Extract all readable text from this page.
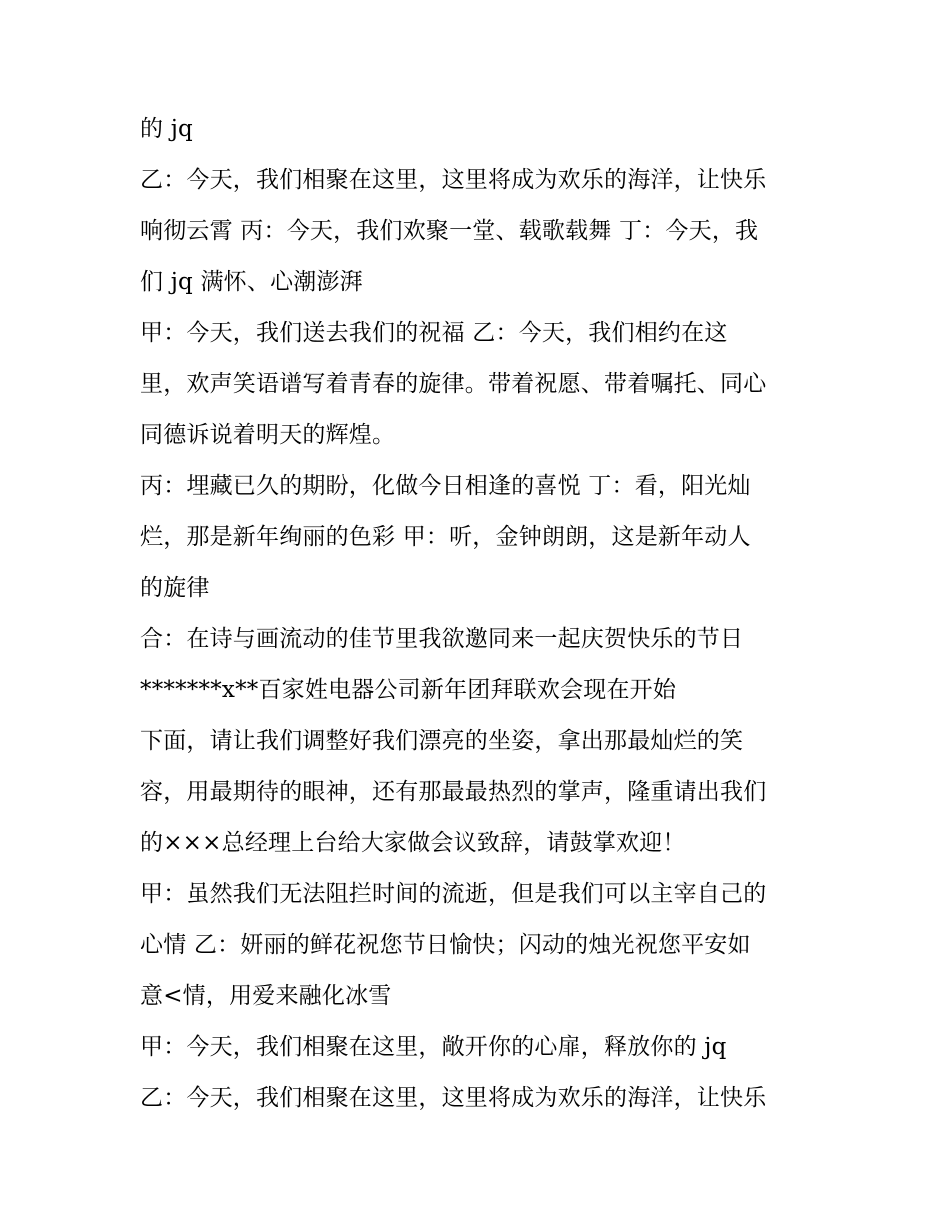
的 jq
乙：今天，我们相聚在这里，这里将成为欢乐的海洋，让快乐
响彻云霄 丙：今天，我们欢聚一堂、载歌载舞 丁：今天，我
们 jq 满怀、心潮澎湃
甲：今天，我们送去我们的祝福 乙：今天，我们相约在这
里，欢声笑语谱写着青春的旋律。带着祝愿、带着嘱托、同心
同德诉说着明天的辉煌。
丙：埋藏已久的期盼，化做今日相逢的喜悦 丁：看，阳光灿
烂，那是新年绚丽的色彩 甲：听，金钟朗朗，这是新年动人
的旋律
合：在诗与画流动的佳节里我欲邀同来一起庆贺快乐的节日
*******x**百家姓电器公司新年团拜联欢会现在开始
下面，请让我们调整好我们漂亮的坐姿，拿出那最灿烂的笑
容，用最期待的眼神，还有那最最热烈的掌声，隆重请出我们
的×××总经理上台给大家做会议致辞，请鼓掌欢迎！
甲：虽然我们无法阻拦时间的流逝，但是我们可以主宰自己的
心情 乙：妍丽的鲜花祝您节日愉快；闪动的烛光祝您平安如
意<情，用爱来融化冰雪
甲：今天，我们相聚在这里，敞开你的心扉，释放你的 jq
乙：今天，我们相聚在这里，这里将成为欢乐的海洋，让快乐
